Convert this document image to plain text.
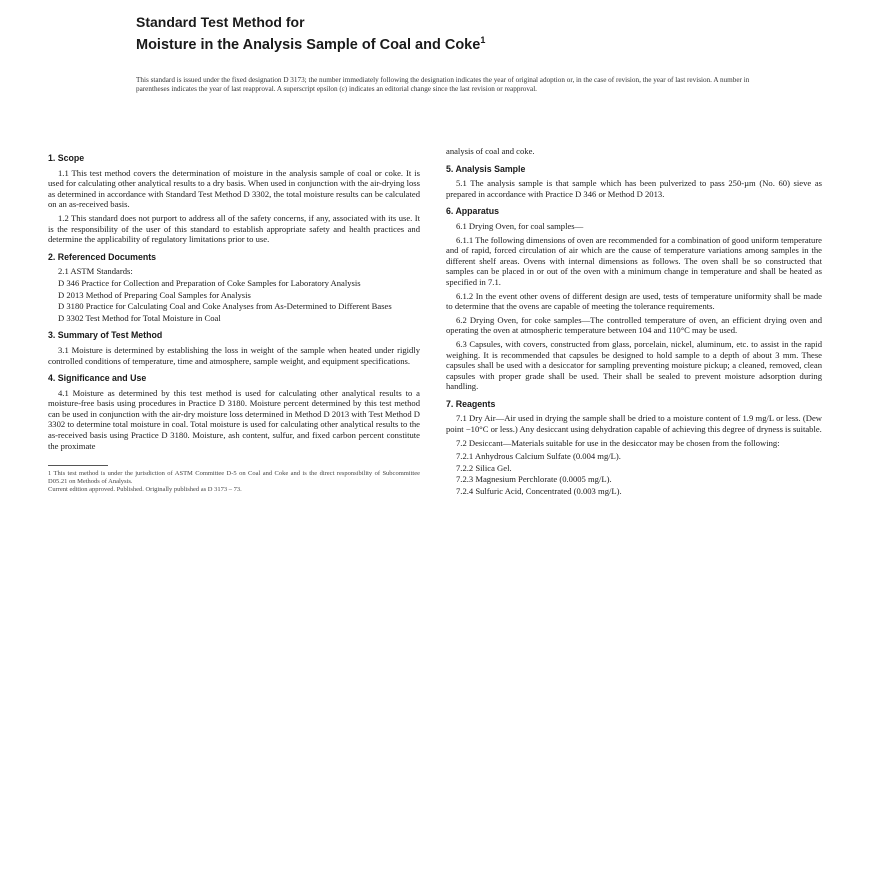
Standard Test Method for
Moisture in the Analysis Sample of Coal and Coke$^1$
This standard is issued under the fixed designation D 3173; the number immediately following the designation indicates the year of original adoption or, in the case of revision, the year of last revision. A number in parentheses indicates the year of last reapproval. A superscript epsilon (ε) indicates an editorial change since the last revision or reapproval.

1. Scope

1.1 This test method covers the determination of moisture in the analysis sample of coal or coke. It is used for calculating other analytical results to a dry basis. When used in conjunction with the air-drying loss as determined in accordance with Standard Test Method D 3302, the total moisture results can be calculated on an as-received basis.

1.2 This standard does not purport to address all of the safety concerns, if any, associated with its use. It is the responsibility of the user of this standard to establish appropriate safety and health practices and determine the applicability of regulatory limitations prior to use.

2. Referenced Documents

2.1 ASTM Standards:

D 346 Practice for Collection and Preparation of Coke Samples for Laboratory Analysis

D 2013 Method of Preparing Coal Samples for Analysis

D 3180 Practice for Calculating Coal and Coke Analyses from As-Determined to Different Bases

D 3302 Test Method for Total Moisture in Coal

3. Summary of Test Method

3.1 Moisture is determined by establishing the loss in weight of the sample when heated under rigidly controlled conditions of temperature, time and atmosphere, sample weight, and equipment specifications.

4. Significance and Use

4.1 Moisture as determined by this test method is used for calculating other analytical results to a moisture-free basis using procedures in Practice D 3180. Moisture percent determined by this test method can be used in conjunction with the air-dry moisture loss determined in Method D 2013 with Test Method D 3302 to determine total moisture in coal. Total moisture is used for calculating other analytical results to the as-received basis using Practice D 3180. Moisture, ash content, sulfur, and fixed carbon percent constitute the proximate

1 This test method is under the jurisdiction of ASTM Committee D-5 on Coal and Coke and is the direct responsibility of Subcommittee D05.21 on Methods of Analysis.

Current edition approved. Published. Originally published as D 3173 – 73.

analysis of coal and coke.

5. Analysis Sample

5.1 The analysis sample is that sample which has been pulverized to pass 250-µm (No. 60) sieve as prepared in accordance with Practice D 346 or Method D 2013.

6. Apparatus

6.1 Drying Oven, for coal samples—

6.1.1 The following dimensions of oven are recommended for a combination of good uniform temperature and of rapid, forced circulation of air which are the cause of temperature variations among samples in the different shelf areas. Ovens with internal dimensions as follows. The oven shall be so constructed that samples can be placed in or out of the oven with a minimum change in temperature and shall be heated as specified in 7.1.

6.1.2 In the event other ovens of different design are used, tests of temperature uniformity shall be made to determine that the ovens are capable of meeting the tolerance requirements.

6.2 Drying Oven, for coke samples—The controlled temperature of oven, an efficient drying oven and operating the oven at atmospheric temperature between 104 and 110°C may be used.

6.3 Capsules, with covers, constructed from glass, porcelain, nickel, aluminum, etc. to assist in the rapid weighing. It is recommended that capsules be designed to hold sample to a depth of about 3 mm. These capsules shall be used with a desiccator for sampling preventing moisture pickup; a cleaned, removed, clean capsules with proper grade shall be used. Their shall be sealed to prevent moisture adsorption during handling.

7. Reagents

7.1 Dry Air—Air used in drying the sample shall be dried to a moisture content of 1.9 mg/L or less. (Dew point −10°C or less.) Any desiccant using dehydration capable of achieving this degree of dryness is suitable.

7.2 Desiccant—Materials suitable for use in the desiccator may be chosen from the following:

7.2.1 Anhydrous Calcium Sulfate (0.004 mg/L).

7.2.2 Silica Gel.

7.2.3 Magnesium Perchlorate (0.0005 mg/L).

7.2.4 Sulfuric Acid, Concentrated (0.003 mg/L).
